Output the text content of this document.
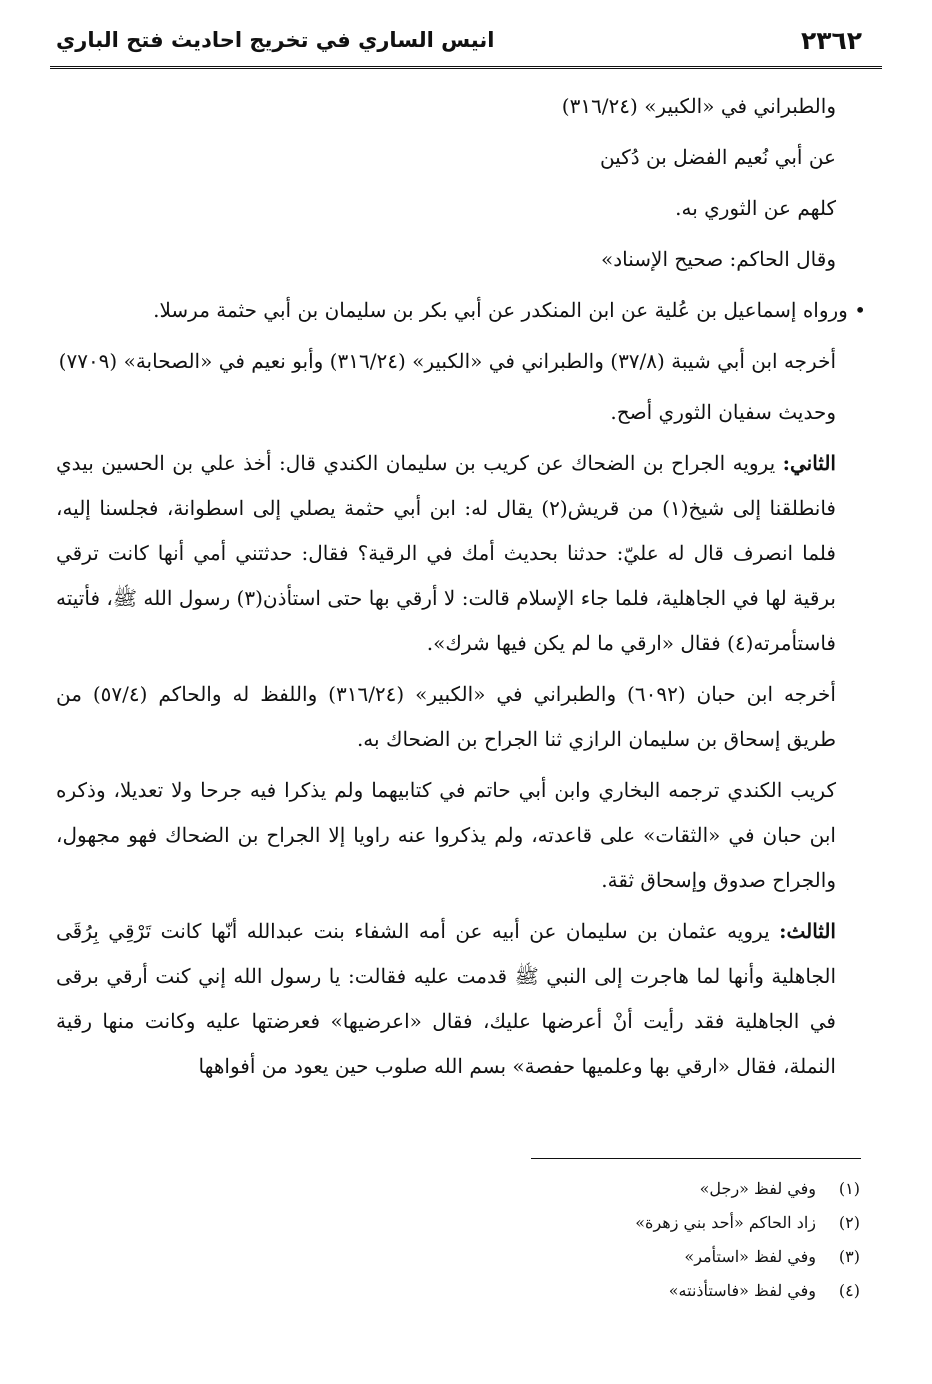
٢٣٦٢
انيس الساري في تخريج احاديث فتح الباري

والطبراني في «الكبير» (٣١٦/٢٤)

عن أبي نُعيم الفضل بن دُكين

كلهم عن الثوري به.

وقال الحاكم: صحيح الإسناد»

• ورواه إسماعيل بن عُلية عن ابن المنكدر عن أبي بكر بن سليمان بن أبي حثمة مرسلا.

أخرجه ابن أبي شيبة (٣٧/٨) والطبراني في «الكبير» (٣١٦/٢٤) وأبو نعيم في «الصحابة» (٧٧٠٩)

وحديث سفيان الثوري أصح.

الثاني: يرويه الجراح بن الضحاك عن كريب بن سليمان الكندي قال: أخذ علي بن الحسين بيدي فانطلقنا إلى شيخ(١) من قريش(٢) يقال له: ابن أبي حثمة يصلي إلى اسطوانة، فجلسنا إليه، فلما انصرف قال له عليّ: حدثنا بحديث أمك في الرقية؟ فقال: حدثتني أمي أنها كانت ترقي برقية لها في الجاهلية، فلما جاء الإسلام قالت: لا أرقي بها حتى استأذن(٣) رسول الله ﷺ، فأتيته فاستأمرته(٤) فقال «ارقي ما لم يكن فيها شرك».

أخرجه ابن حبان (٦٠٩٢) والطبراني في «الكبير» (٣١٦/٢٤) واللفظ له والحاكم (٥٧/٤) من طريق إسحاق بن سليمان الرازي ثنا الجراح بن الضحاك به.

كريب الكندي ترجمه البخاري وابن أبي حاتم في كتابيهما ولم يذكرا فيه جرحا ولا تعديلا، وذكره ابن حبان في «الثقات» على قاعدته، ولم يذكروا عنه راويا إلا الجراح بن الضحاك فهو مجهول، والجراح صدوق وإسحاق ثقة.

الثالث: يرويه عثمان بن سليمان عن أبيه عن أمه الشفاء بنت عبدالله أنّها كانت تَرْقِي بِرُقَى الجاهلية وأنها لما هاجرت إلى النبي ﷺ قدمت عليه فقالت: يا رسول الله إني كنت أرقي برقى في الجاهلية فقد رأيت أنْ أعرضها عليك، فقال «اعرضيها» فعرضتها عليه وكانت منها رقية النملة، فقال «ارقي بها وعلميها حفصة» بسم الله صلوب حين يعود من أفواهها

(١)وفي لفظ «رجل»
(٢)زاد الحاكم «أحد بني زهرة»
(٣)وفي لفظ «استأمر»
(٤)وفي لفظ «فاستأذنته»
